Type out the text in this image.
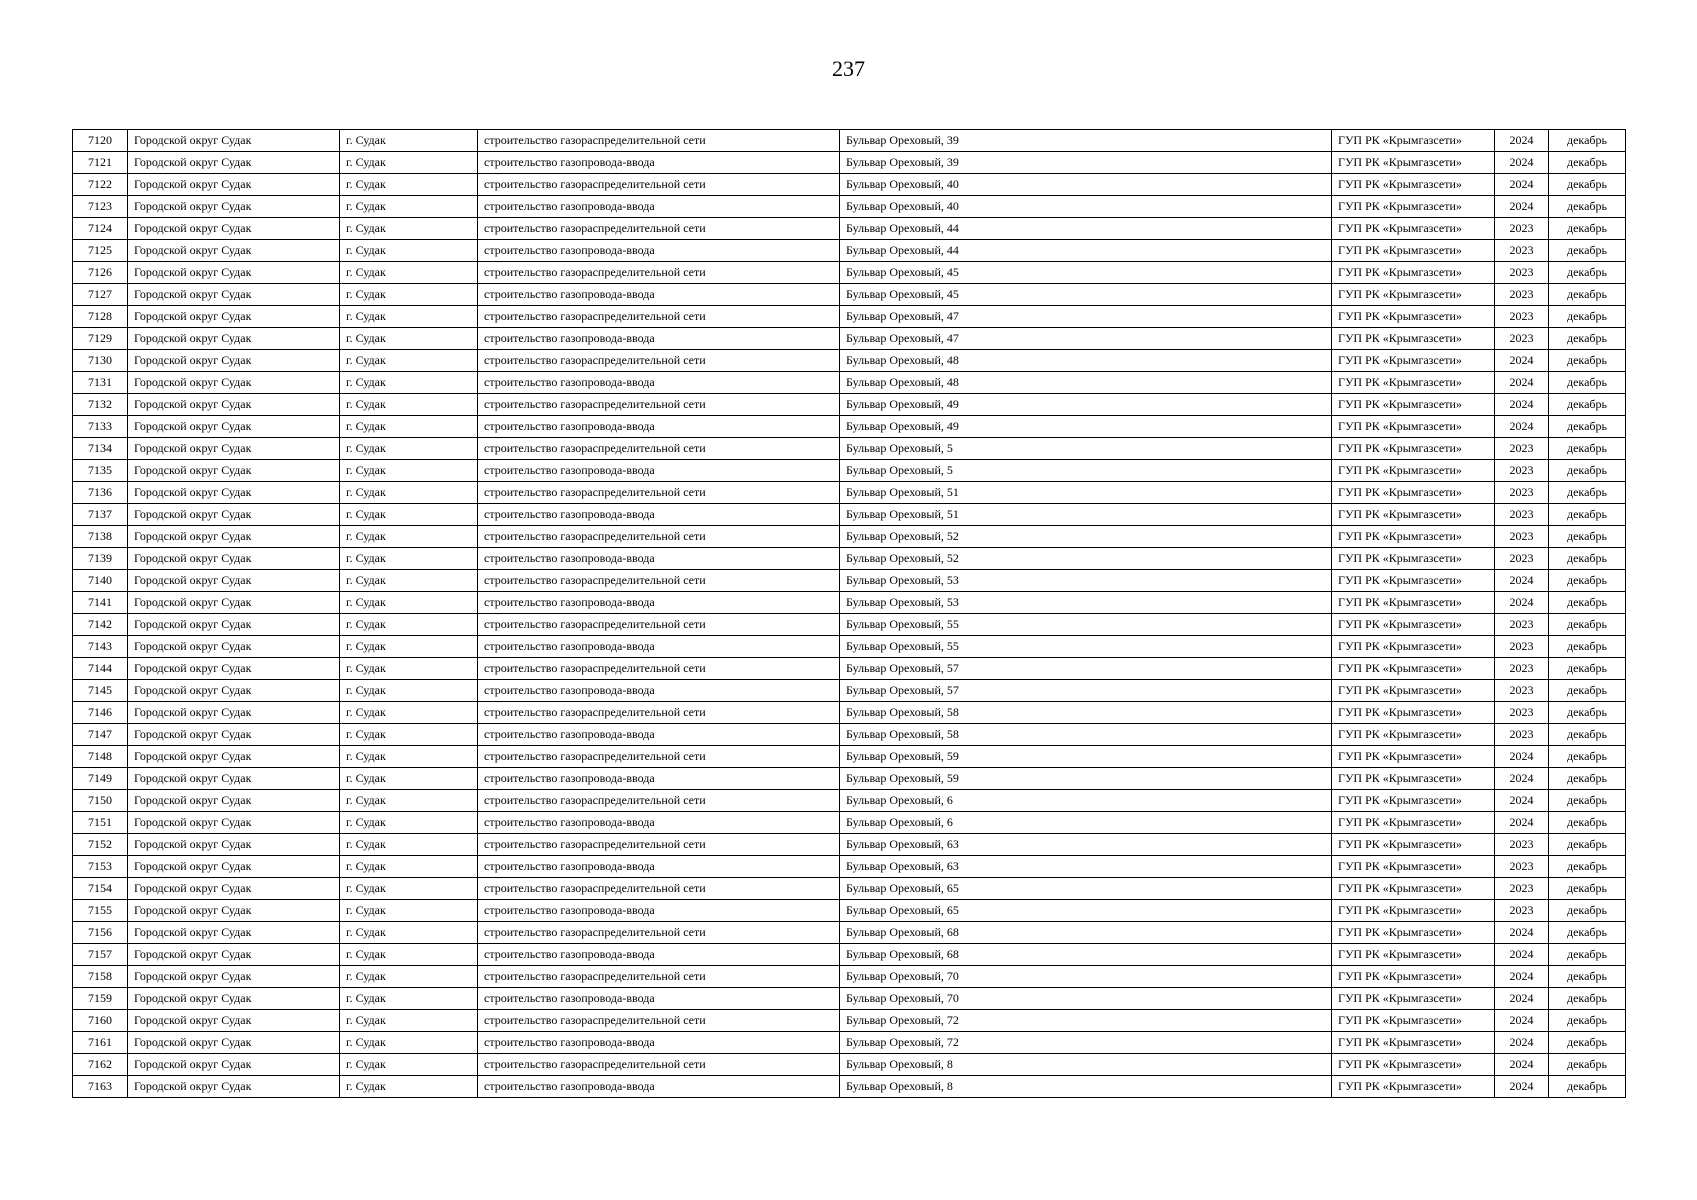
237
7120	Городской округ Судак	г. Судак	строительство газораспределительной сети	Бульвар Ореховый, 39	ГУП РК «Крымгазсети»	2024	декабрь
7121	Городской округ Судак	г. Судак	строительство газопровода-ввода	Бульвар Ореховый, 39	ГУП РК «Крымгазсети»	2024	декабрь
7122	Городской округ Судак	г. Судак	строительство газораспределительной сети	Бульвар Ореховый, 40	ГУП РК «Крымгазсети»	2024	декабрь
7123	Городской округ Судак	г. Судак	строительство газопровода-ввода	Бульвар Ореховый, 40	ГУП РК «Крымгазсети»	2024	декабрь
7124	Городской округ Судак	г. Судак	строительство газораспределительной сети	Бульвар Ореховый, 44	ГУП РК «Крымгазсети»	2023	декабрь
7125	Городской округ Судак	г. Судак	строительство газопровода-ввода	Бульвар Ореховый, 44	ГУП РК «Крымгазсети»	2023	декабрь
7126	Городской округ Судак	г. Судак	строительство газораспределительной сети	Бульвар Ореховый, 45	ГУП РК «Крымгазсети»	2023	декабрь
7127	Городской округ Судак	г. Судак	строительство газопровода-ввода	Бульвар Ореховый, 45	ГУП РК «Крымгазсети»	2023	декабрь
7128	Городской округ Судак	г. Судак	строительство газораспределительной сети	Бульвар Ореховый, 47	ГУП РК «Крымгазсети»	2023	декабрь
7129	Городской округ Судак	г. Судак	строительство газопровода-ввода	Бульвар Ореховый, 47	ГУП РК «Крымгазсети»	2023	декабрь
7130	Городской округ Судак	г. Судак	строительство газораспределительной сети	Бульвар Ореховый, 48	ГУП РК «Крымгазсети»	2024	декабрь
7131	Городской округ Судак	г. Судак	строительство газопровода-ввода	Бульвар Ореховый, 48	ГУП РК «Крымгазсети»	2024	декабрь
7132	Городской округ Судак	г. Судак	строительство газораспределительной сети	Бульвар Ореховый, 49	ГУП РК «Крымгазсети»	2024	декабрь
7133	Городской округ Судак	г. Судак	строительство газопровода-ввода	Бульвар Ореховый, 49	ГУП РК «Крымгазсети»	2024	декабрь
7134	Городской округ Судак	г. Судак	строительство газораспределительной сети	Бульвар Ореховый, 5	ГУП РК «Крымгазсети»	2023	декабрь
7135	Городской округ Судак	г. Судак	строительство газопровода-ввода	Бульвар Ореховый, 5	ГУП РК «Крымгазсети»	2023	декабрь
7136	Городской округ Судак	г. Судак	строительство газораспределительной сети	Бульвар Ореховый, 51	ГУП РК «Крымгазсети»	2023	декабрь
7137	Городской округ Судак	г. Судак	строительство газопровода-ввода	Бульвар Ореховый, 51	ГУП РК «Крымгазсети»	2023	декабрь
7138	Городской округ Судак	г. Судак	строительство газораспределительной сети	Бульвар Ореховый, 52	ГУП РК «Крымгазсети»	2023	декабрь
7139	Городской округ Судак	г. Судак	строительство газопровода-ввода	Бульвар Ореховый, 52	ГУП РК «Крымгазсети»	2023	декабрь
7140	Городской округ Судак	г. Судак	строительство газораспределительной сети	Бульвар Ореховый, 53	ГУП РК «Крымгазсети»	2024	декабрь
7141	Городской округ Судак	г. Судак	строительство газопровода-ввода	Бульвар Ореховый, 53	ГУП РК «Крымгазсети»	2024	декабрь
7142	Городской округ Судак	г. Судак	строительство газораспределительной сети	Бульвар Ореховый, 55	ГУП РК «Крымгазсети»	2023	декабрь
7143	Городской округ Судак	г. Судак	строительство газопровода-ввода	Бульвар Ореховый, 55	ГУП РК «Крымгазсети»	2023	декабрь
7144	Городской округ Судак	г. Судак	строительство газораспределительной сети	Бульвар Ореховый, 57	ГУП РК «Крымгазсети»	2023	декабрь
7145	Городской округ Судак	г. Судак	строительство газопровода-ввода	Бульвар Ореховый, 57	ГУП РК «Крымгазсети»	2023	декабрь
7146	Городской округ Судак	г. Судак	строительство газораспределительной сети	Бульвар Ореховый, 58	ГУП РК «Крымгазсети»	2023	декабрь
7147	Городской округ Судак	г. Судак	строительство газопровода-ввода	Бульвар Ореховый, 58	ГУП РК «Крымгазсети»	2023	декабрь
7148	Городской округ Судак	г. Судак	строительство газораспределительной сети	Бульвар Ореховый, 59	ГУП РК «Крымгазсети»	2024	декабрь
7149	Городской округ Судак	г. Судак	строительство газопровода-ввода	Бульвар Ореховый, 59	ГУП РК «Крымгазсети»	2024	декабрь
7150	Городской округ Судак	г. Судак	строительство газораспределительной сети	Бульвар Ореховый, 6	ГУП РК «Крымгазсети»	2024	декабрь
7151	Городской округ Судак	г. Судак	строительство газопровода-ввода	Бульвар Ореховый, 6	ГУП РК «Крымгазсети»	2024	декабрь
7152	Городской округ Судак	г. Судак	строительство газораспределительной сети	Бульвар Ореховый, 63	ГУП РК «Крымгазсети»	2023	декабрь
7153	Городской округ Судак	г. Судак	строительство газопровода-ввода	Бульвар Ореховый, 63	ГУП РК «Крымгазсети»	2023	декабрь
7154	Городской округ Судак	г. Судак	строительство газораспределительной сети	Бульвар Ореховый, 65	ГУП РК «Крымгазсети»	2023	декабрь
7155	Городской округ Судак	г. Судак	строительство газопровода-ввода	Бульвар Ореховый, 65	ГУП РК «Крымгазсети»	2023	декабрь
7156	Городской округ Судак	г. Судак	строительство газораспределительной сети	Бульвар Ореховый, 68	ГУП РК «Крымгазсети»	2024	декабрь
7157	Городской округ Судак	г. Судак	строительство газопровода-ввода	Бульвар Ореховый, 68	ГУП РК «Крымгазсети»	2024	декабрь
7158	Городской округ Судак	г. Судак	строительство газораспределительной сети	Бульвар Ореховый, 70	ГУП РК «Крымгазсети»	2024	декабрь
7159	Городской округ Судак	г. Судак	строительство газопровода-ввода	Бульвар Ореховый, 70	ГУП РК «Крымгазсети»	2024	декабрь
7160	Городской округ Судак	г. Судак	строительство газораспределительной сети	Бульвар Ореховый, 72	ГУП РК «Крымгазсети»	2024	декабрь
7161	Городской округ Судак	г. Судак	строительство газопровода-ввода	Бульвар Ореховый, 72	ГУП РК «Крымгазсети»	2024	декабрь
7162	Городской округ Судак	г. Судак	строительство газораспределительной сети	Бульвар Ореховый, 8	ГУП РК «Крымгазсети»	2024	декабрь
7163	Городской округ Судак	г. Судак	строительство газопровода-ввода	Бульвар Ореховый, 8	ГУП РК «Крымгазсети»	2024	декабрь
